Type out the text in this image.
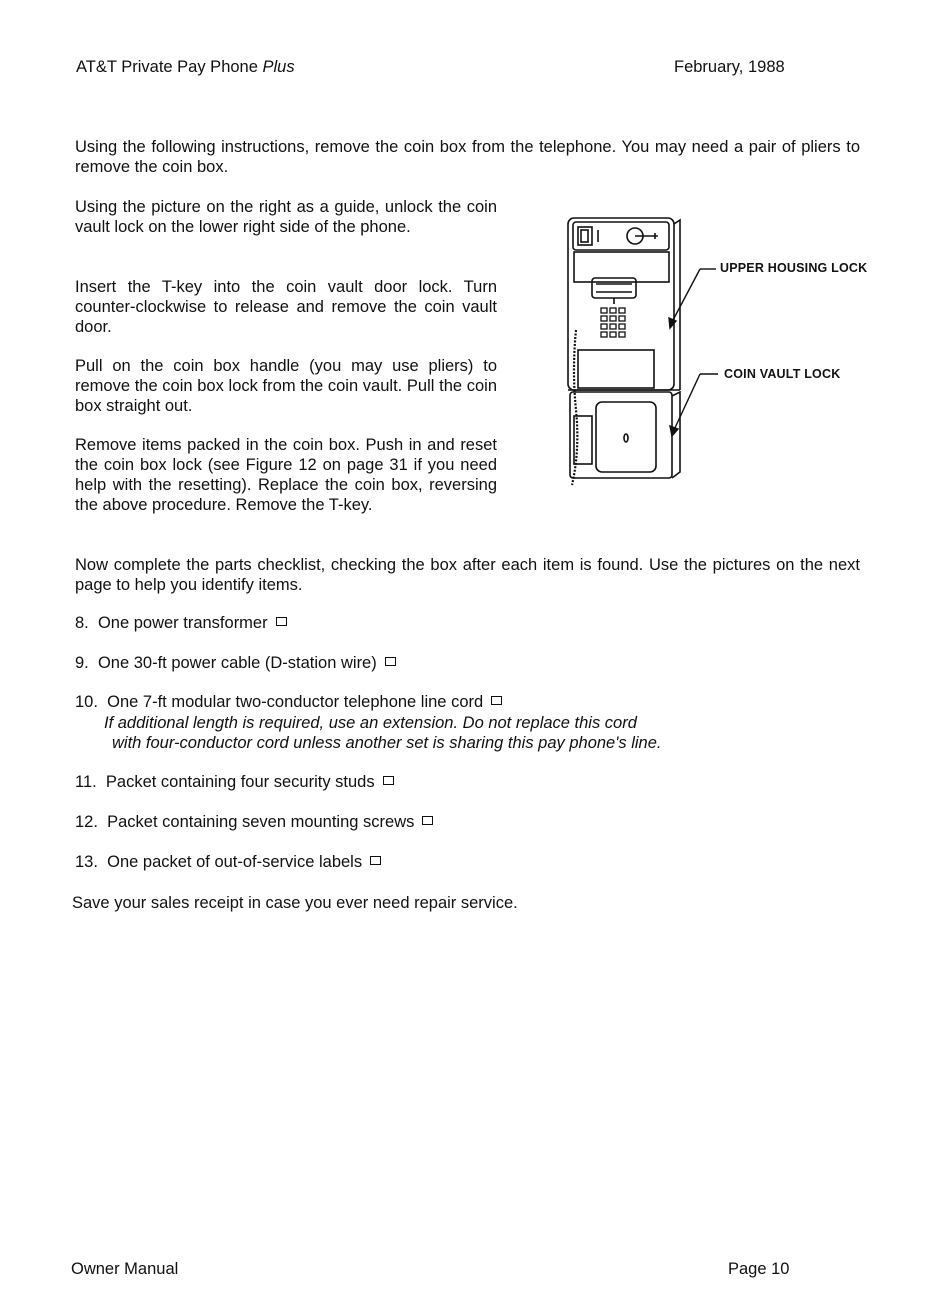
AT&T Private Pay Phone Plus	February, 1988

Using the following instructions, remove the coin box from the telephone. You may need a pair of pliers to remove the coin box.

Using the picture on the right as a guide, unlock the coin vault lock on the lower right side of the phone.

Insert the T-key into the coin vault door lock. Turn counter-clockwise to release and remove the coin vault door.

Pull on the coin box handle (you may use pliers) to remove the coin box lock from the coin vault. Pull the coin box straight out.

Remove items packed in the coin box. Push in and reset the coin box lock (see Figure 12 on page 31 if you need help with the resetting). Replace the coin box, reversing the above procedure. Remove the T-key.

UPPER HOUSING LOCK
COIN VAULT LOCK

Now complete the parts checklist, checking the box after each item is found. Use the pictures on the next page to help you identify items.

8.  One power transformer
9.  One 30-ft power cable (D-station wire)
10.  One 7-ft modular two-conductor telephone line cord
If additional length is required, use an extension. Do not replace this cord
with four-conductor cord unless another set is sharing this pay phone's line.
11.  Packet containing four security studs
12.  Packet containing seven mounting screws
13.  One packet of out-of-service labels

Save your sales receipt in case you ever need repair service.

Owner Manual	Page 10
